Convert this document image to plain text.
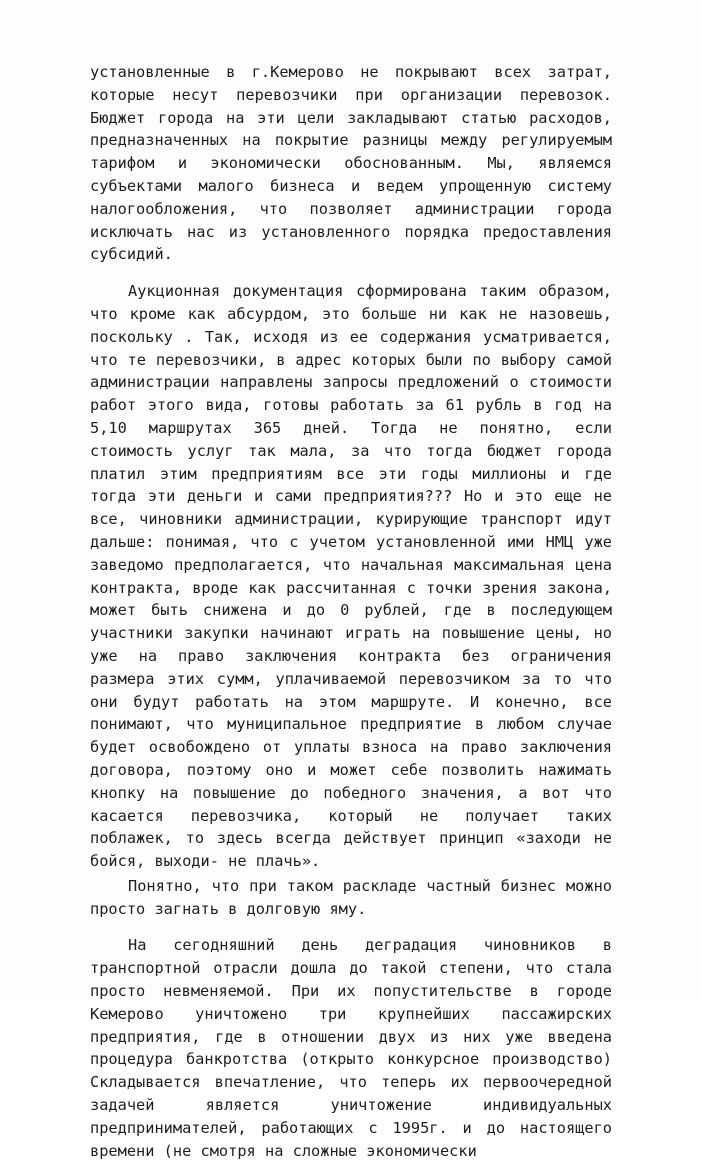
установленные в г.Кемерово не покрывают всех затрат, которые несут перевозчики при организации перевозок. Бюджет города на эти цели закладывают статью расходов, предназначенных на покрытие разницы между регулируемым тарифом и экономически обоснованным. Мы, являемся субъектами малого бизнеса и ведем упрощенную систему налогообложения, что позволяет администрации города исключать нас из установленного порядка предоставления субсидий.

Аукционная документация сформирована таким образом, что кроме как абсурдом, это больше ни как не назовешь, поскольку . Так, исходя из ее содержания усматривается, что те перевозчики, в адрес которых были по выбору самой администрации направлены запросы предложений о стоимости работ этого вида, готовы работать за 61 рубль в год на 5,10 маршрутах 365 дней. Тогда не понятно, если стоимость услуг так мала, за что тогда бюджет города платил этим предприятиям все эти годы миллионы и где тогда эти деньги и сами предприятия??? Но и это еще не все, чиновники администрации, курирующие транспорт идут дальше: понимая, что с учетом установленной ими НМЦ уже заведомо предполагается, что начальная максимальная цена контракта, вроде как рассчитанная с точки зрения закона, может быть снижена и до 0 рублей, где в последующем участники закупки начинают играть на повышение цены, но уже на право заключения контракта без ограничения размера этих сумм, уплачиваемой перевозчиком за то что они будут работать на этом маршруте. И конечно, все понимают, что муниципальное предприятие в любом случае будет освобождено от уплаты взноса на право заключения договора, поэтому оно и может себе позволить нажимать кнопку на повышение до победного значения, а вот что касается перевозчика, который не получает таких поблажек, то здесь всегда действует принцип «заходи не бойся, выходи- не плачь».

Понятно, что при таком раскладе частный бизнес можно просто загнать в долговую яму.

На сегодняшний день деградация чиновников в транспортной отрасли дошла до такой степени, что стала просто невменяемой. При их попустительстве в городе Кемерово уничтожено три крупнейших пассажирских предприятия, где в отношении двух из них уже введена процедура банкротства (открыто конкурсное производство) Складывается впечатление, что теперь их первоочередной задачей является уничтожение индивидуальных предпринимателей, работающих с 1995г. и до настоящего времени (не смотря на сложные экономически
